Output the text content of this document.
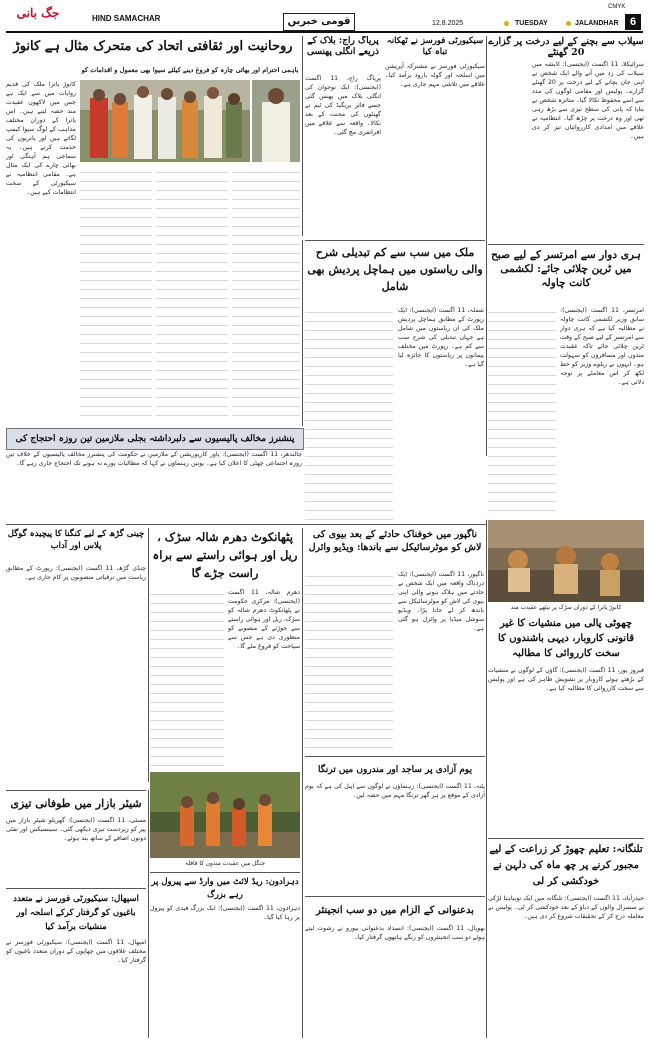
جگ بانی	HIND SAMACHAR	قومی خبریں	12.8.2025	TUESDAY	JALANDHAR
CMYK
6
سیلاب سے بچنے کے لیے درخت پر گزارے 20 گھنٹے
سرائیکلا، 11 اگست (ایجنسی): اڈیشہ میں سیلاب کی زد میں آنے والے ایک شخص نے اپنی جان بچانے کے لیے درخت پر 20 گھنٹے گزارے۔ پولیس اور مقامی لوگوں کی مدد سے اسے محفوظ نکالا گیا۔ متاثرہ شخص نے بتایا کہ پانی کی سطح تیزی سے بڑھ رہی تھی اور وہ درخت پر چڑھ گیا۔ انتظامیہ نے علاقے میں امدادی کارروائیاں تیز کر دی ہیں۔
پریاگ راج: بلاک کے ذریعے انگلی پھنسی
پریاگ راج، 11 اگست (ایجنسی): ایک نوجوان کی انگلی بلاک میں پھنس گئی جسے فائر بریگیڈ کی ٹیم نے گھنٹوں کی محنت کے بعد نکالا۔ واقعہ سے علاقے میں افراتفری مچ گئی۔
سیکیورٹی فورسز نے ٹھکانہ تباہ کیا
سیکیورٹی فورسز نے مشترکہ آپریشن میں اسلحہ اور گولہ بارود برآمد کیا۔ علاقے میں تلاشی مہم جاری ہے۔
روحانیت اور ثقافتی اتحاد کی متحرک مثال ہے کانوڑ
باہمی احترام اور بھائی چارہ کو فروغ دینے کیلئے سیوا بھی معمول و اقدامات کو
کانوڑ یاترا ملک کی قدیم روایات میں سے ایک ہے جس میں لاکھوں عقیدت مند حصہ لیتے ہیں۔ اس یاترا کے دوران مختلف مذاہب کے لوگ سیوا کیمپ لگاتے ہیں اور یاتریوں کی خدمت کرتے ہیں۔ یہ سماجی ہم آہنگی اور بھائی چارے کی ایک مثال ہے۔ مقامی انتظامیہ نے سیکیورٹی کے سخت انتظامات کیے ہیں۔
ہری دوار سے امرتسر کے لیے صبح میں ٹرین چلائی جائے: لکشمی کانت چاولہ
امرتسر، 11 اگست (ایجنسی): سابق وزیر لکشمی کانت چاولہ نے مطالبہ کیا ہے کہ ہری دوار سے امرتسر کے لیے صبح کے وقت ٹرین چلائی جائے تاکہ عقیدت مندوں اور مسافروں کو سہولت ہو۔ انہوں نے ریلوے وزیر کو خط لکھ کر اس معاملے پر توجہ دلائی ہے۔
ملک میں سب سے کم تبدیلی شرح والی ریاستوں میں ہماچل پردیش بھی شامل
شملہ، 11 اگست (ایجنسی): ایک رپورٹ کے مطابق ہماچل پردیش ملک کی ان ریاستوں میں شامل ہے جہاں تبدیلی کی شرح سب سے کم ہے۔ رپورٹ میں مختلف پیمانوں پر ریاستوں کا جائزہ لیا گیا ہے۔
پنشنرز مخالف پالیسیوں سے دلبرداشتہ بجلی ملازمین تین روزہ احتجاج کی
جالندھر، 11 اگست (ایجنسی): پاور کارپوریشن کے ملازمین نے حکومت کی پنشنرز مخالف پالیسیوں کے خلاف تین روزہ اجتماعی چھٹی کا اعلان کیا ہے۔ یونین رہنماؤں نے کہا کہ مطالبات پورے نہ ہونے تک احتجاج جاری رہے گا۔
کانوڑ یاترا کے دوران سڑک پر بیٹھے عقیدت مند
چھوٹی پالی میں منشیات کا غیر قانونی کاروبار، دیہی باشندوں کا سخت کارروائی کا مطالبہ
فیروز پور، 11 اگست (ایجنسی): گاؤں کے لوگوں نے منشیات کے بڑھتے ہوئے کاروبار پر تشویش ظاہر کی ہے اور پولیس سے سخت کارروائی کا مطالبہ کیا ہے۔
تلنگانہ: تعلیم چھوڑ کر زراعت کے لیے مجبور کرنے پر چھ ماہ کی دلہن نے خودکشی کر لی
حیدرآباد، 11 اگست (ایجنسی): تلنگانہ میں ایک نوبیاہتا لڑکی نے سسرال والوں کے دباؤ کے بعد خودکشی کر لی۔ پولیس نے معاملہ درج کر کے تحقیقات شروع کر دی ہیں۔
ناگپور میں خوفناک حادثے کے بعد بیوی کی لاش کو موٹرسائیکل سے باندھا: ویڈیو وائرل
ناگپور، 11 اگست (ایجنسی): ایک دردناک واقعہ میں ایک شخص نے حادثے میں ہلاک ہونے والی اپنی بیوی کی لاش کو موٹرسائیکل سے باندھ کر لے جانا پڑا۔ ویڈیو سوشل میڈیا پر وائرل ہو گئی ہے۔
پٹھانکوٹ دھرم شالہ سڑک ، ریل اور ہوائی راستے سے براہ راست جڑے گا
دھرم شالہ، 11 اگست (ایجنسی): مرکزی حکومت نے پٹھانکوٹ دھرم شالہ کو سڑک، ریل اور ہوائی راستے سے جوڑنے کے منصوبے کو منظوری دی ہے جس سے سیاحت کو فروغ ملے گا۔
چینی گڑھ کے لیے کنگنا کا پیچیدہ گوگل پلاس اور آداب
چنڈی گڑھ، 11 اگست (ایجنسی): رپورٹ کے مطابق ریاست میں ترقیاتی منصوبوں پر کام جاری ہے۔
جنگل میں عقیدت مندوں کا قافلہ
شیئر بازار میں طوفانی تیزی
ممبئی، 11 اگست (ایجنسی): گھریلو شیئر بازار میں پیر کو زبردست تیزی دیکھی گئی۔ سینسیکس اور نفٹی دونوں اضافے کے ساتھ بند ہوئے۔
اسپھال: سیکیورٹی فورسز نے متعدد باغیوں کو گرفتار کرکے اسلحہ اور منشیات برآمد کیا
امپھال، 11 اگست (ایجنسی): سیکیورٹی فورسز نے مختلف علاقوں میں چھاپوں کے دوران متعدد باغیوں کو گرفتار کیا۔
دہرادون: ریڈ لائٹ میں وارڈ سے پیرول پر رہے بزرگ
دہرادون، 11 اگست (ایجنسی): ایک بزرگ قیدی کو پیرول پر رہا کیا گیا۔
یوم آزادی پر ساجد اور مندروں میں ترنگا
پٹنہ، 11 اگست (ایجنسی): رہنماؤں نے لوگوں سے اپیل کی ہے کہ یوم آزادی کے موقع پر ہر گھر ترنگا مہم میں حصہ لیں۔
بدعنوانی کے الزام میں دو سب انجینئر
بھوپال، 11 اگست (ایجنسی): انسداد بدعنوانی بیورو نے رشوت لیتے ہوئے دو سب انجینئروں کو رنگے ہاتھوں گرفتار کیا۔
